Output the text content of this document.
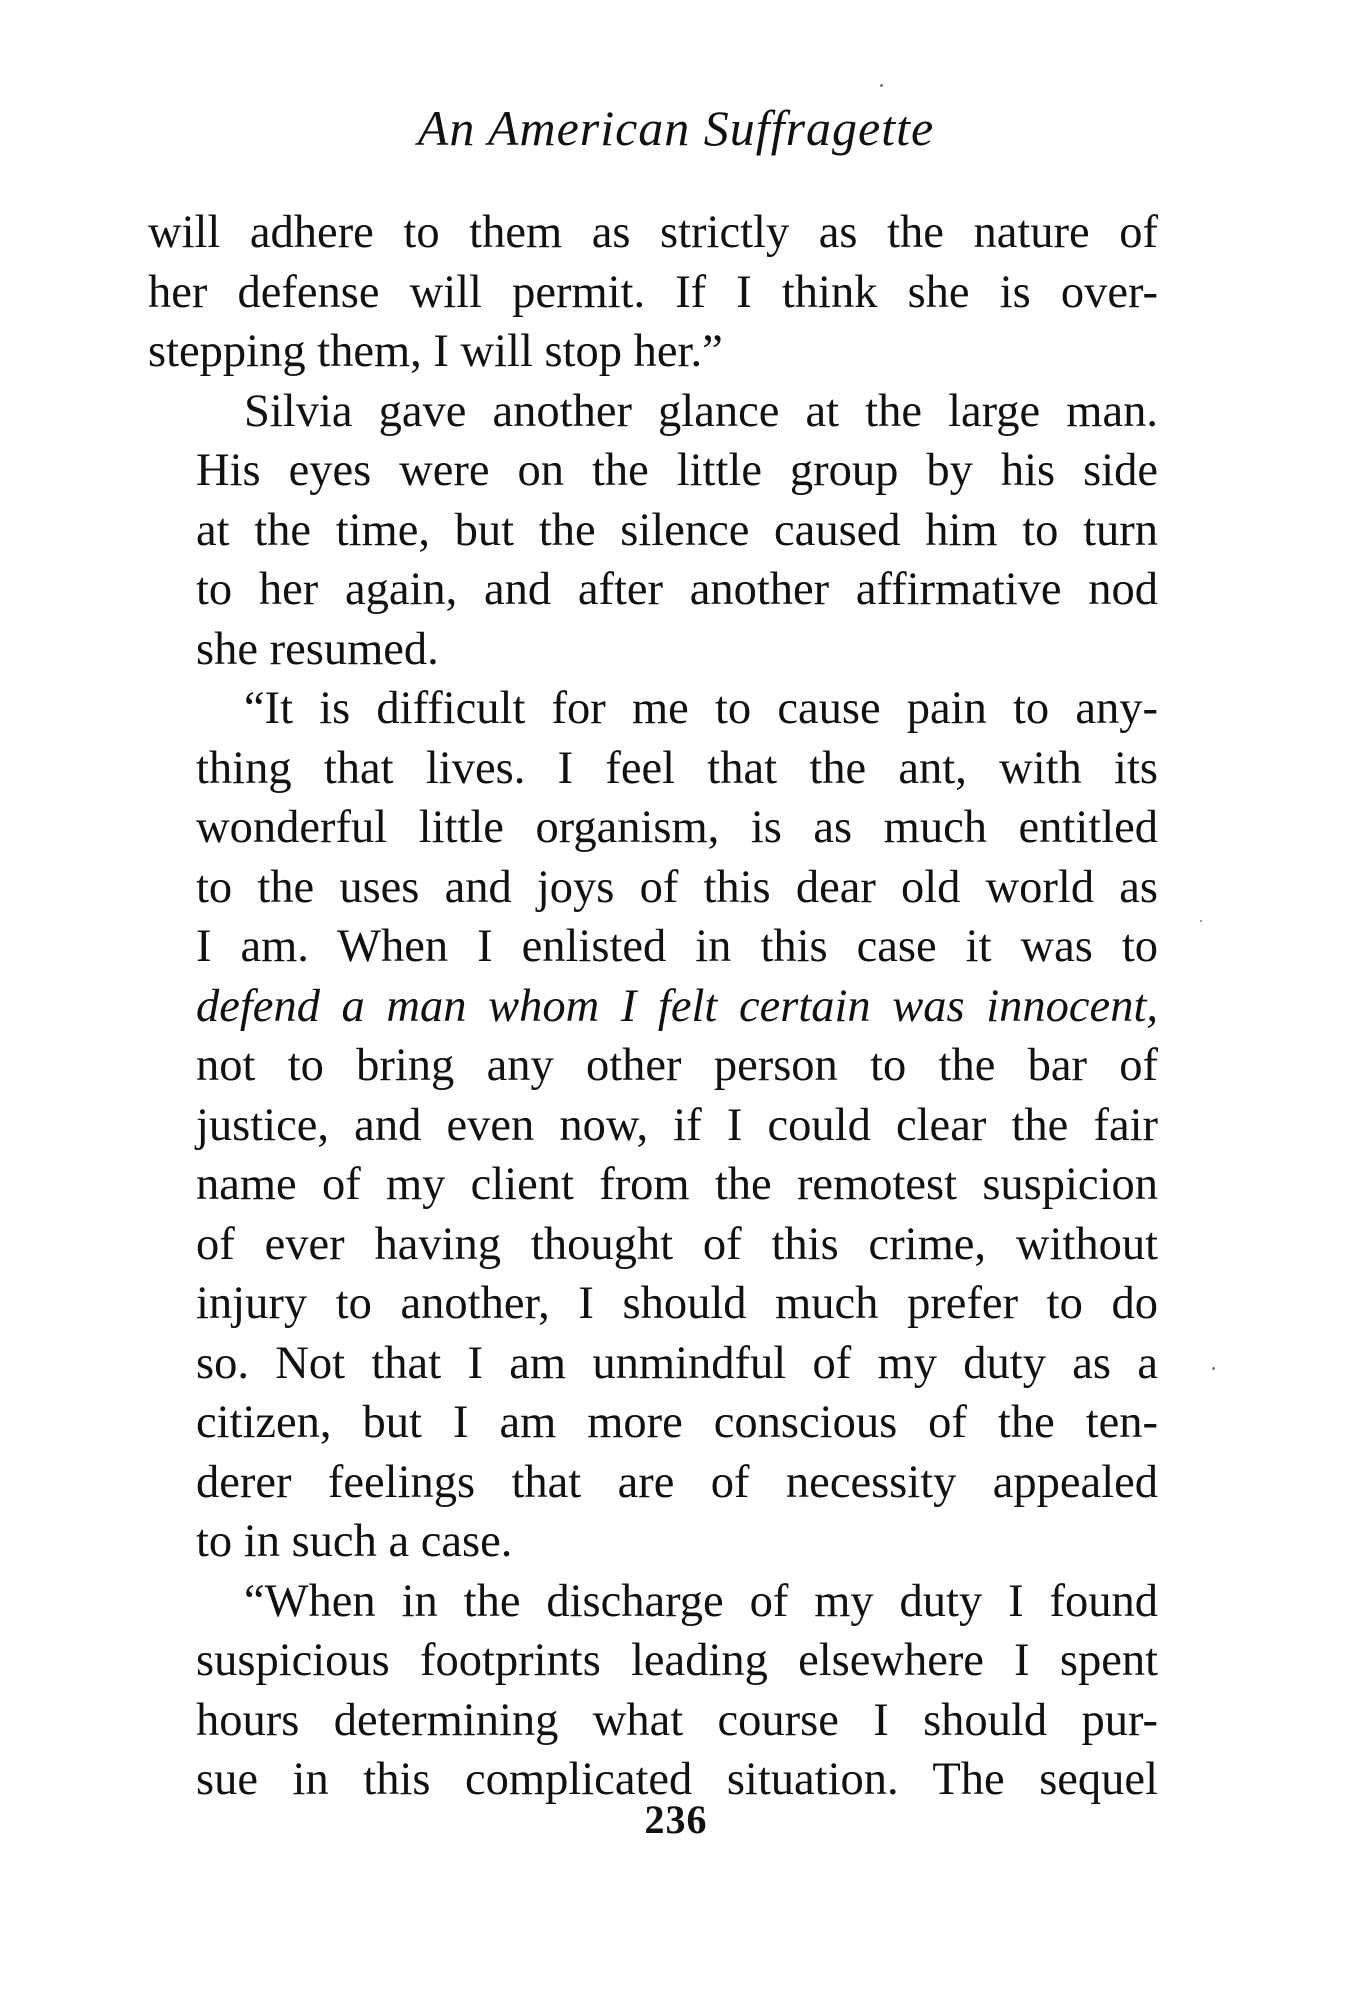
An American Suffragette
will adhere to them as strictly as the nature of
her defense will permit. If I think she is over-
stepping them, I will stop her.”
Silvia gave another glance at the large man.
His eyes were on the little group by his side
at the time, but the silence caused him to turn
to her again, and after another affirmative nod
she resumed.
“It is difficult for me to cause pain to any-
thing that lives. I feel that the ant, with its
wonderful little organism, is as much entitled
to the uses and joys of this dear old world as
I am. When I enlisted in this case it was to
defend a man whom I felt certain was innocent,
not to bring any other person to the bar of
justice, and even now, if I could clear the fair
name of my client from the remotest suspicion
of ever having thought of this crime, without
injury to another, I should much prefer to do
so. Not that I am unmindful of my duty as a
citizen, but I am more conscious of the ten-
derer feelings that are of necessity appealed
to in such a case.
“When in the discharge of my duty I found
suspicious footprints leading elsewhere I spent
hours determining what course I should pur-
sue in this complicated situation. The sequel
236
